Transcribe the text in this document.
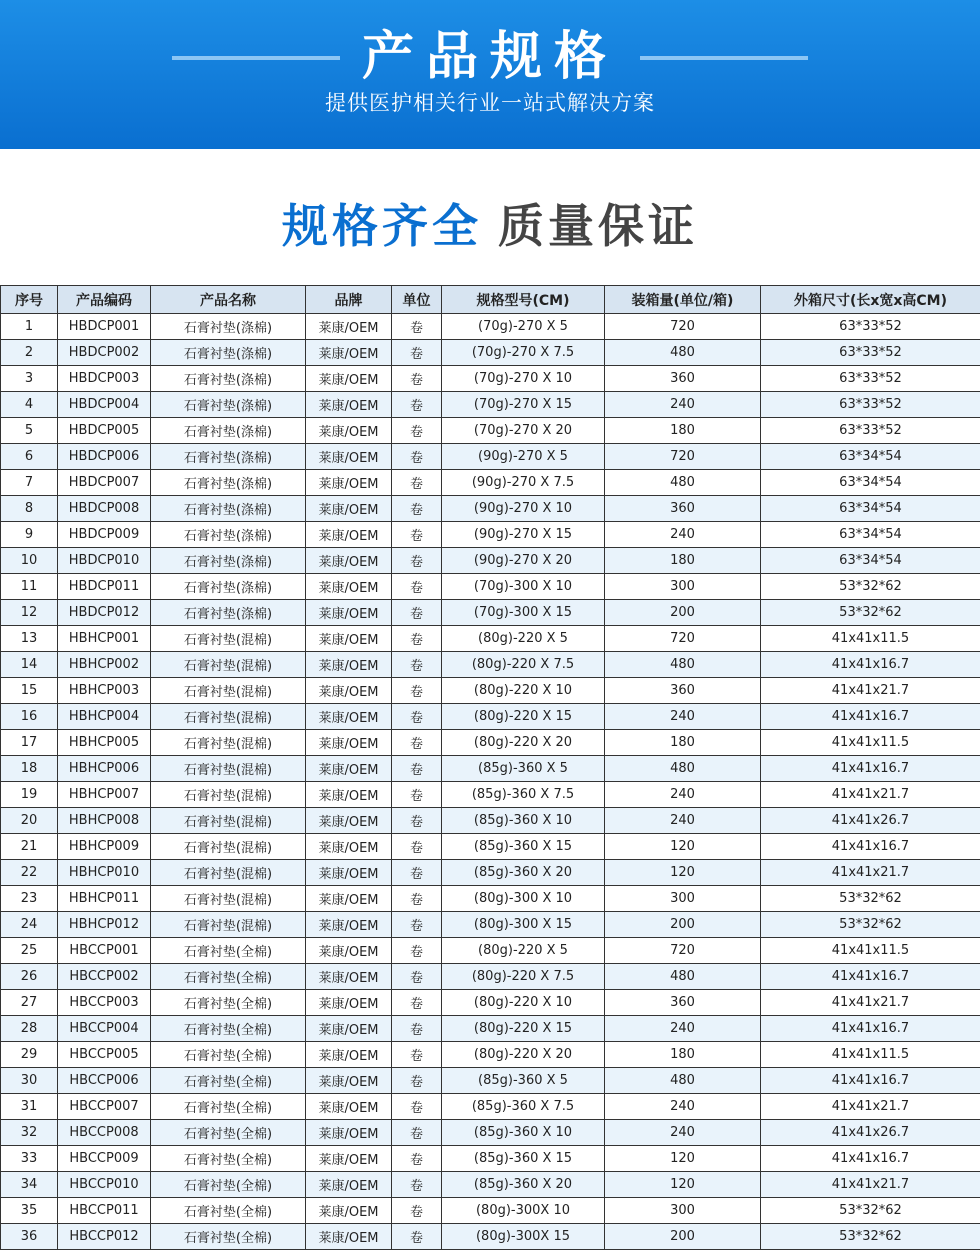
产品规格
提供医护相关行业一站式解决方案
规格齐全 质量保证
序号	产品编码	产品名称	品牌	单位	规格型号(CM)	装箱量(单位/箱)	外箱尺寸(长x宽x高CM)
1	HBDCP001	石膏衬垫(涤棉)	莱康/OEM	卷	(70g)-270 X 5	720	63*33*52
2	HBDCP002	石膏衬垫(涤棉)	莱康/OEM	卷	(70g)-270 X 7.5	480	63*33*52
3	HBDCP003	石膏衬垫(涤棉)	莱康/OEM	卷	(70g)-270 X 10	360	63*33*52
4	HBDCP004	石膏衬垫(涤棉)	莱康/OEM	卷	(70g)-270 X 15	240	63*33*52
5	HBDCP005	石膏衬垫(涤棉)	莱康/OEM	卷	(70g)-270 X 20	180	63*33*52
6	HBDCP006	石膏衬垫(涤棉)	莱康/OEM	卷	(90g)-270 X 5	720	63*34*54
7	HBDCP007	石膏衬垫(涤棉)	莱康/OEM	卷	(90g)-270 X 7.5	480	63*34*54
8	HBDCP008	石膏衬垫(涤棉)	莱康/OEM	卷	(90g)-270 X 10	360	63*34*54
9	HBDCP009	石膏衬垫(涤棉)	莱康/OEM	卷	(90g)-270 X 15	240	63*34*54
10	HBDCP010	石膏衬垫(涤棉)	莱康/OEM	卷	(90g)-270 X 20	180	63*34*54
11	HBDCP011	石膏衬垫(涤棉)	莱康/OEM	卷	(70g)-300 X 10	300	53*32*62
12	HBDCP012	石膏衬垫(涤棉)	莱康/OEM	卷	(70g)-300 X 15	200	53*32*62
13	HBHCP001	石膏衬垫(混棉)	莱康/OEM	卷	(80g)-220 X 5	720	41x41x11.5
14	HBHCP002	石膏衬垫(混棉)	莱康/OEM	卷	(80g)-220 X 7.5	480	41x41x16.7
15	HBHCP003	石膏衬垫(混棉)	莱康/OEM	卷	(80g)-220 X 10	360	41x41x21.7
16	HBHCP004	石膏衬垫(混棉)	莱康/OEM	卷	(80g)-220 X 15	240	41x41x16.7
17	HBHCP005	石膏衬垫(混棉)	莱康/OEM	卷	(80g)-220 X 20	180	41x41x11.5
18	HBHCP006	石膏衬垫(混棉)	莱康/OEM	卷	(85g)-360 X 5	480	41x41x16.7
19	HBHCP007	石膏衬垫(混棉)	莱康/OEM	卷	(85g)-360 X 7.5	240	41x41x21.7
20	HBHCP008	石膏衬垫(混棉)	莱康/OEM	卷	(85g)-360 X 10	240	41x41x26.7
21	HBHCP009	石膏衬垫(混棉)	莱康/OEM	卷	(85g)-360 X 15	120	41x41x16.7
22	HBHCP010	石膏衬垫(混棉)	莱康/OEM	卷	(85g)-360 X 20	120	41x41x21.7
23	HBHCP011	石膏衬垫(混棉)	莱康/OEM	卷	(80g)-300 X 10	300	53*32*62
24	HBHCP012	石膏衬垫(混棉)	莱康/OEM	卷	(80g)-300 X 15	200	53*32*62
25	HBCCP001	石膏衬垫(全棉)	莱康/OEM	卷	(80g)-220 X 5	720	41x41x11.5
26	HBCCP002	石膏衬垫(全棉)	莱康/OEM	卷	(80g)-220 X 7.5	480	41x41x16.7
27	HBCCP003	石膏衬垫(全棉)	莱康/OEM	卷	(80g)-220 X 10	360	41x41x21.7
28	HBCCP004	石膏衬垫(全棉)	莱康/OEM	卷	(80g)-220 X 15	240	41x41x16.7
29	HBCCP005	石膏衬垫(全棉)	莱康/OEM	卷	(80g)-220 X 20	180	41x41x11.5
30	HBCCP006	石膏衬垫(全棉)	莱康/OEM	卷	(85g)-360 X 5	480	41x41x16.7
31	HBCCP007	石膏衬垫(全棉)	莱康/OEM	卷	(85g)-360 X 7.5	240	41x41x21.7
32	HBCCP008	石膏衬垫(全棉)	莱康/OEM	卷	(85g)-360 X 10	240	41x41x26.7
33	HBCCP009	石膏衬垫(全棉)	莱康/OEM	卷	(85g)-360 X 15	120	41x41x16.7
34	HBCCP010	石膏衬垫(全棉)	莱康/OEM	卷	(85g)-360 X 20	120	41x41x21.7
35	HBCCP011	石膏衬垫(全棉)	莱康/OEM	卷	(80g)-300X 10	300	53*32*62
36	HBCCP012	石膏衬垫(全棉)	莱康/OEM	卷	(80g)-300X 15	200	53*32*62
